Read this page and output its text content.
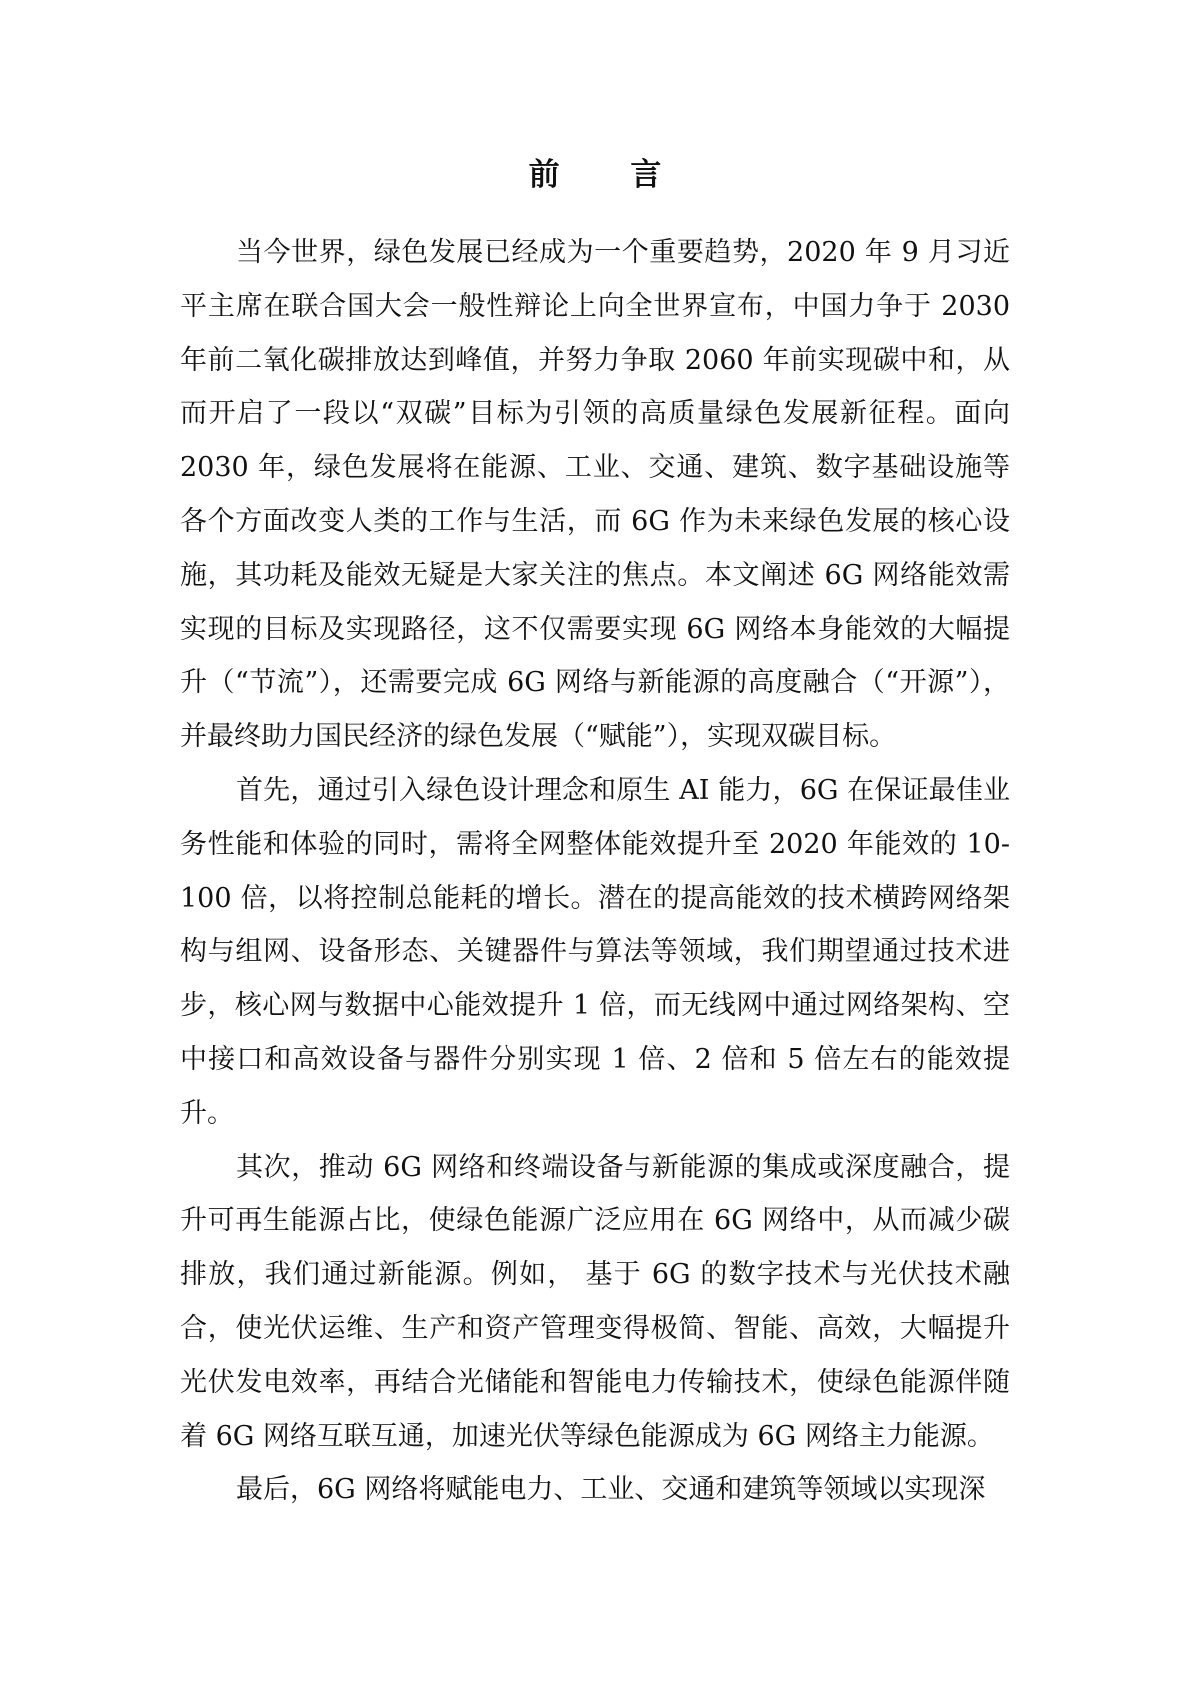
前 言

当今世界，绿色发展已经成为一个重要趋势，2020 年 9 月习近平主席在联合国大会一般性辩论上向全世界宣布，中国力争于 2030 年前二氧化碳排放达到峰值，并努力争取 2060 年前实现碳中和，从而开启了一段以“双碳”目标为引领的高质量绿色发展新征程。面向 2030 年，绿色发展将在能源、工业、交通、建筑、数字基础设施等各个方面改变人类的工作与生活，而 6G 作为未来绿色发展的核心设施，其功耗及能效无疑是大家关注的焦点。本文阐述 6G 网络能效需实现的目标及实现路径，这不仅需要实现 6G 网络本身能效的大幅提升（“节流”），还需要完成 6G 网络与新能源的高度融合（“开源”），并最终助力国民经济的绿色发展（“赋能”），实现双碳目标。

首先，通过引入绿色设计理念和原生 AI 能力，6G 在保证最佳业务性能和体验的同时，需将全网整体能效提升至 2020 年能效的 10-100 倍，以将控制总能耗的增长。潜在的提高能效的技术横跨网络架构与组网、设备形态、关键器件与算法等领域，我们期望通过技术进步，核心网与数据中心能效提升 1 倍，而无线网中通过网络架构、空中接口和高效设备与器件分别实现 1 倍、2 倍和 5 倍左右的能效提升。

其次，推动 6G 网络和终端设备与新能源的集成或深度融合，提升可再生能源占比，使绿色能源广泛应用在 6G 网络中，从而减少碳排放，我们通过新能源。例如， 基于 6G 的数字技术与光伏技术融合，使光伏运维、生产和资产管理变得极简、智能、高效，大幅提升光伏发电效率，再结合光储能和智能电力传输技术，使绿色能源伴随着 6G 网络互联互通，加速光伏等绿色能源成为 6G 网络主力能源。

最后，6G 网络将赋能电力、工业、交通和建筑等领域以实现深
